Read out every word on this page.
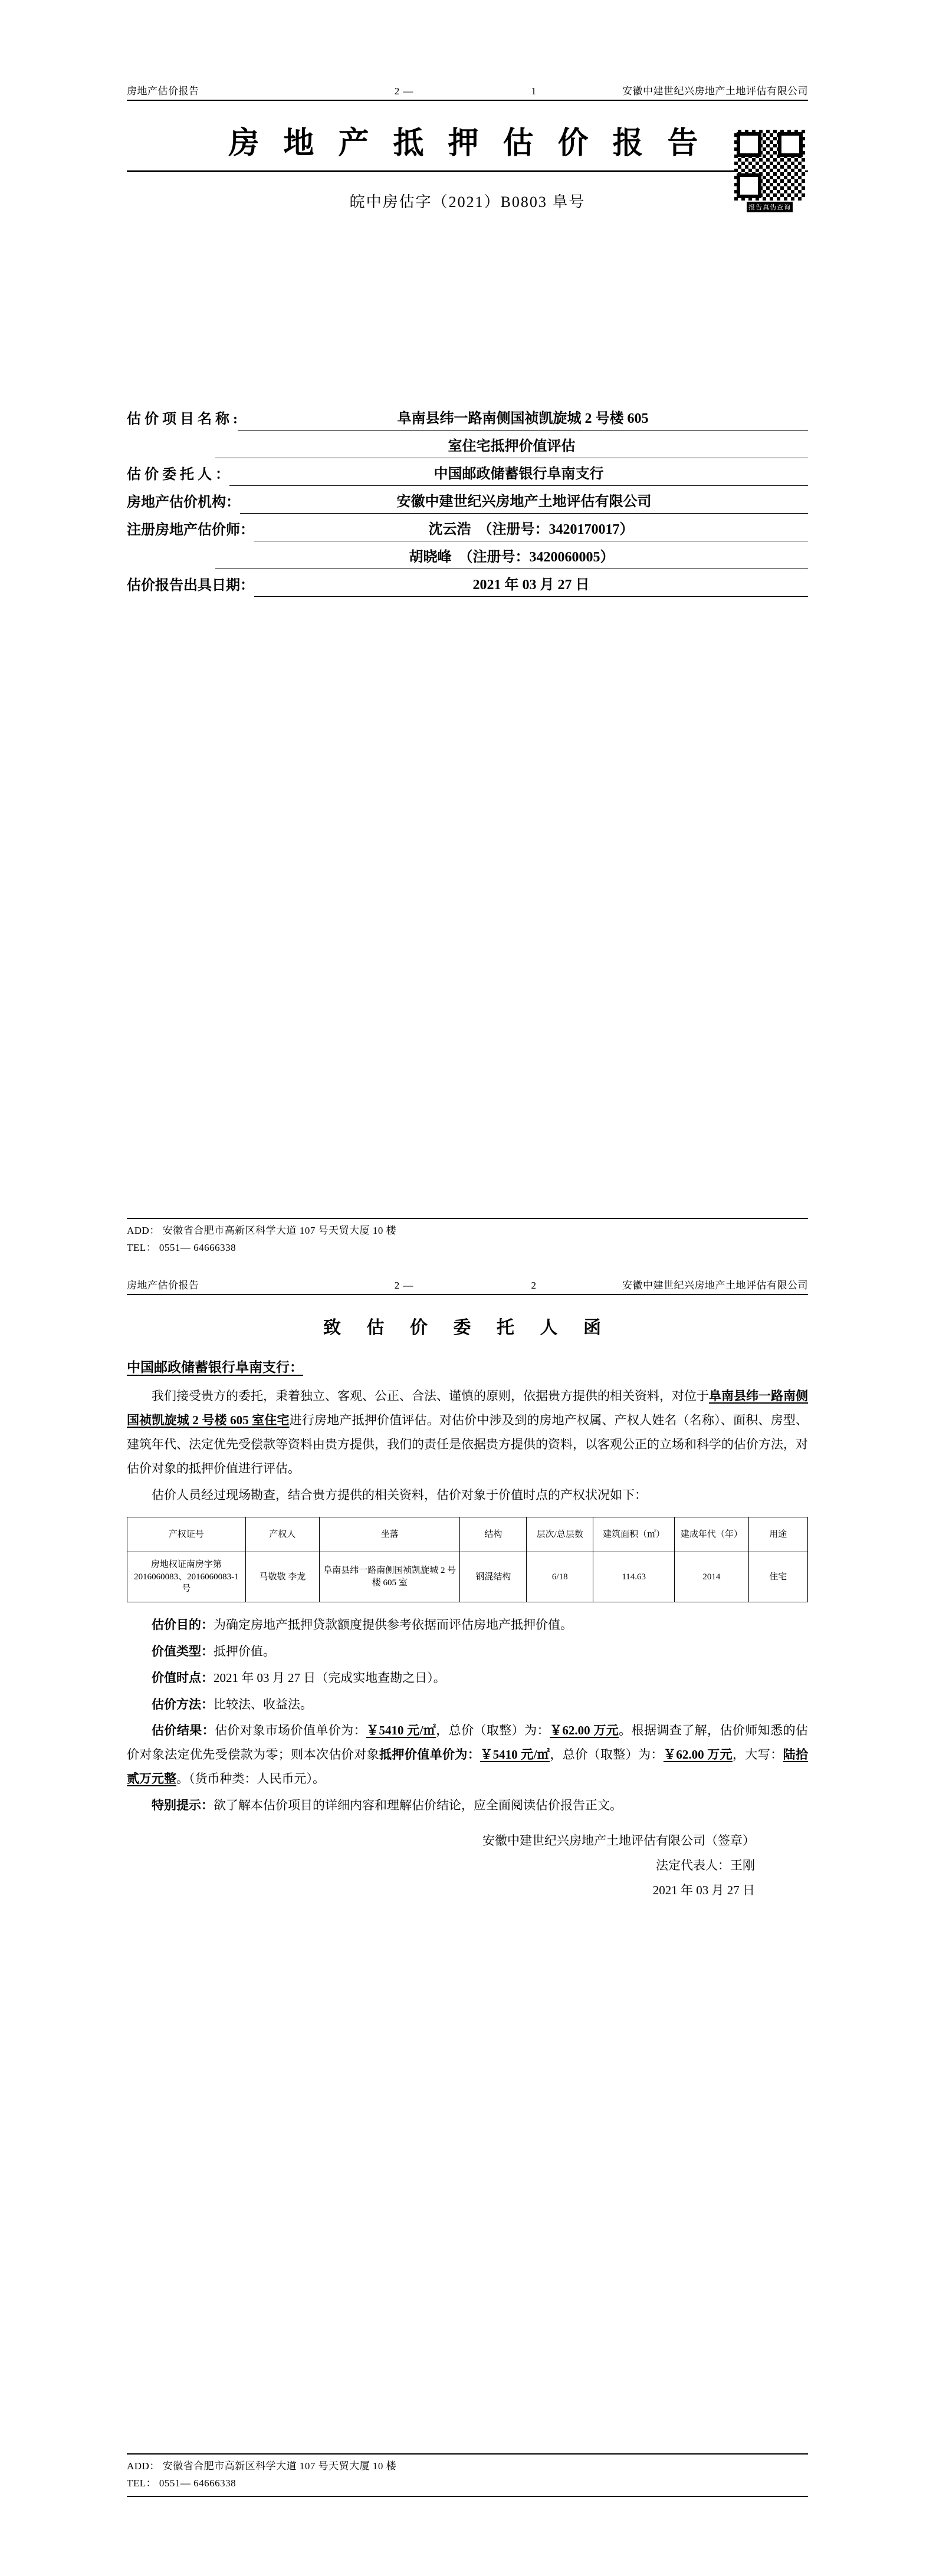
房地产估价报告	2—	1	安徽中建世纪兴房地产土地评估有限公司
报告真伪查询
房 地 产 抵 押 估 价 报 告
皖中房估字（2021）B0803 阜号
估 价 项 目 名 称 :	阜南县纬一路南侧国祯凯旋城 2 号楼 605
室住宅抵押价值评估
估 价 委 托 人 ：	中国邮政储蓄银行阜南支行
房地产估价机构：	安徽中建世纪兴房地产土地评估有限公司
注册房地产估价师：	沈云浩　（注册号：3420170017）
胡晓峰　（注册号：3420060005）
估价报告出具日期：	2021 年 03 月 27 日
ADD： 安徽省合肥市高新区科学大道 107 号天贸大厦 10 楼
TEL： 0551— 64666338
房地产估价报告	2—	2	安徽中建世纪兴房地产土地评估有限公司
致 估 价 委 托 人 函
中国邮政储蓄银行阜南支行：

我们接受贵方的委托，秉着独立、客观、公正、合法、谨慎的原则，依据贵方提供的相关资料，对位于阜南县纬一路南侧国祯凯旋城 2 号楼 605 室住宅进行房地产抵押价值评估。对估价中涉及到的房地产权属、产权人姓名（名称）、面积、房型、建筑年代、法定优先受偿款等资料由贵方提供，我们的责任是依据贵方提供的资料，以客观公正的立场和科学的估价方法，对估价对象的抵押价值进行评估。

估价人员经过现场勘查，结合贵方提供的相关资料，估价对象于价值时点的产权状况如下：

产权证号	产权人	坐落	结构	层次/总层数	建筑面积（㎡）	建成年代（年）	用途
房地权证南房字第 2016060083、2016060083-1 号	马敬敬 李龙	阜南县纬一路南侧国祯凯旋城 2 号楼 605 室	钢混结构	6/18	114.63	2014	住宅

估价目的：为确定房地产抵押贷款额度提供参考依据而评估房地产抵押价值。

价值类型：抵押价值。

价值时点：2021 年 03 月 27 日（完成实地查勘之日）。

估价方法：比较法、收益法。

估价结果：估价对象市场价值单价为：￥5410 元/㎡，总价（取整）为：￥62.00 万元。根据调查了解，估价师知悉的估价对象法定优先受偿款为零；则本次估价对象抵押价值单价为：￥5410 元/㎡，总价（取整）为：￥62.00 万元，大写：陆拾贰万元整。（货币种类：人民币元）。

特别提示：欲了解本估价项目的详细内容和理解估价结论，应全面阅读估价报告正文。

安徽中建世纪兴房地产土地评估有限公司（签章）
法定代表人：王刚
2021 年 03 月 27 日
ADD： 安徽省合肥市高新区科学大道 107 号天贸大厦 10 楼
TEL： 0551— 64666338
